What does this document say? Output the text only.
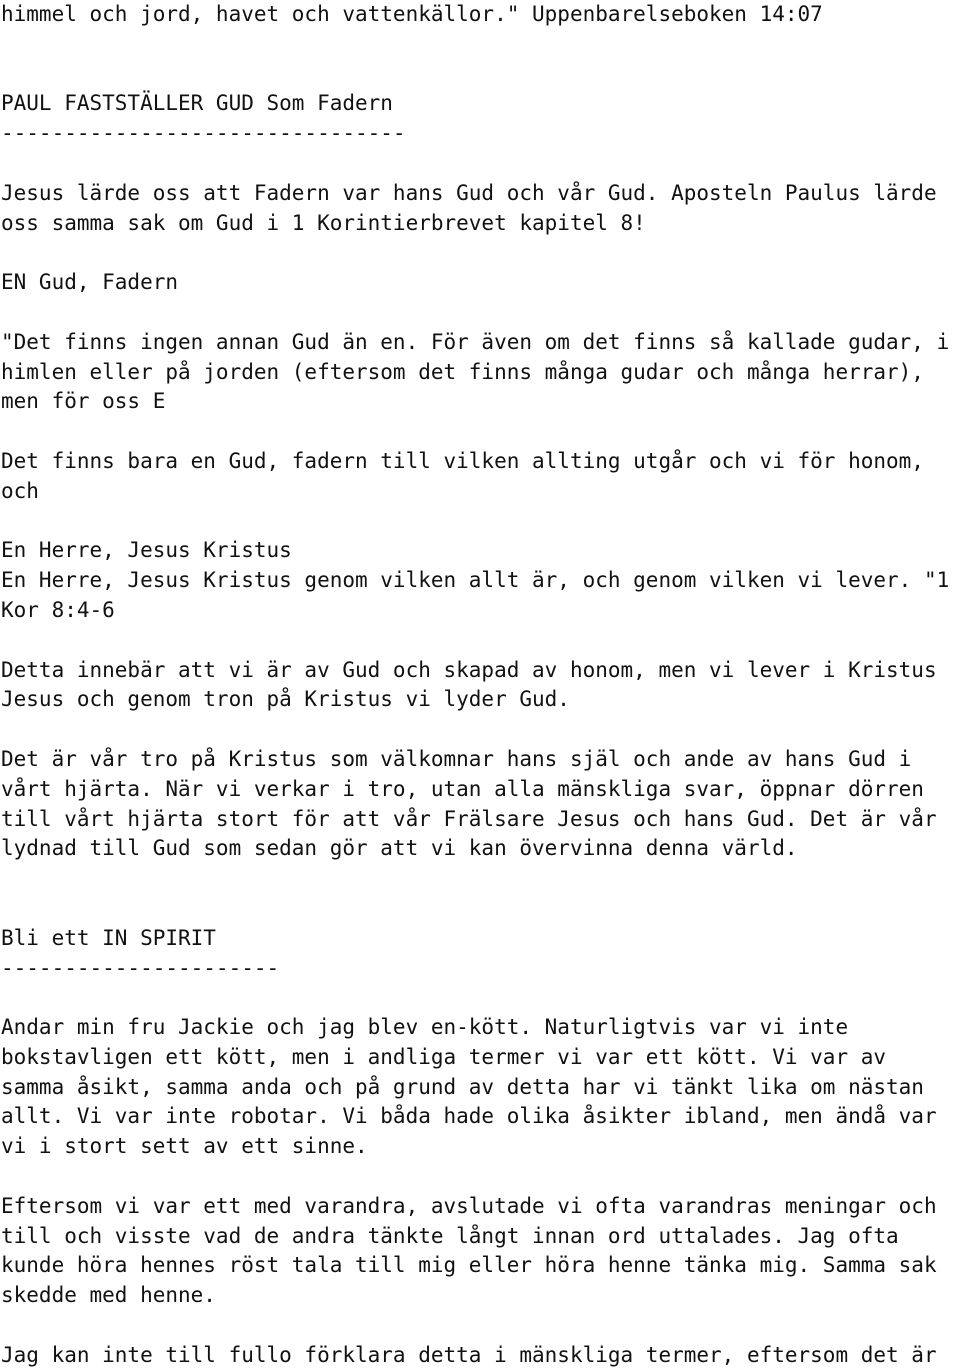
himmel och jord, havet och vattenkällor." Uppenbarelseboken 14:07
PAUL FASTSTÄLLER GUD Som Fadern
--------------------------------
Jesus lärde oss att Fadern var hans Gud och vår Gud. Aposteln Paulus lärde
oss samma sak om Gud i 1 Korintierbrevet kapitel 8!
EN Gud, Fadern
"Det finns ingen annan Gud än en. För även om det finns så kallade gudar, i
himlen eller på jorden (eftersom det finns många gudar och många herrar),
men för oss E
Det finns bara en Gud, fadern till vilken allting utgår och vi för honom,
och
En Herre, Jesus Kristus
En Herre, Jesus Kristus genom vilken allt är, och genom vilken vi lever. "1
Kor 8:4-6
Detta innebär att vi är av Gud och skapad av honom, men vi lever i Kristus
Jesus och genom tron på Kristus vi lyder Gud.
Det är vår tro på Kristus som välkomnar hans själ och ande av hans Gud i
vårt hjärta. När vi verkar i tro, utan alla mänskliga svar, öppnar dörren
till vårt hjärta stort för att vår Frälsare Jesus och hans Gud. Det är vår
lydnad till Gud som sedan gör att vi kan övervinna denna värld.
Bli ett IN SPIRIT
----------------------
Andar min fru Jackie och jag blev en-kött. Naturligtvis var vi inte
bokstavligen ett kött, men i andliga termer vi var ett kött. Vi var av
samma åsikt, samma anda och på grund av detta har vi tänkt lika om nästan
allt. Vi var inte robotar. Vi båda hade olika åsikter ibland, men ändå var
vi i stort sett av ett sinne.
Eftersom vi var ett med varandra, avslutade vi ofta varandras meningar och
till och visste vad de andra tänkte långt innan ord uttalades. Jag ofta
kunde höra hennes röst tala till mig eller höra henne tänka mig. Samma sak
skedde med henne.
Jag kan inte till fullo förklara detta i mänskliga termer, eftersom det är
